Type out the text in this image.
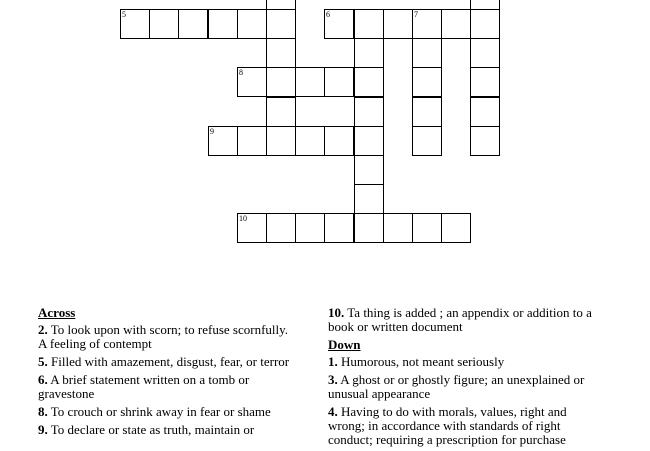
5	6	7
8
9
10
Across
2. To look upon with scorn; to refuse scornfully. A feeling of contempt
5. Filled with amazement, disgust, fear, or terror
6. A brief statement written on a tomb or gravestone
8. To crouch or shrink away in fear or shame
9. To declare or state as truth, maintain or
10. Ta thing is added ; an appendix or addition to a book or written document
Down
1. Humorous, not meant seriously
3. A ghost or or ghostly figure; an unexplained or unusual appearance
4. Having to do with morals, values, right and wrong; in accordance with standards of right conduct; requiring a prescription for purchase
